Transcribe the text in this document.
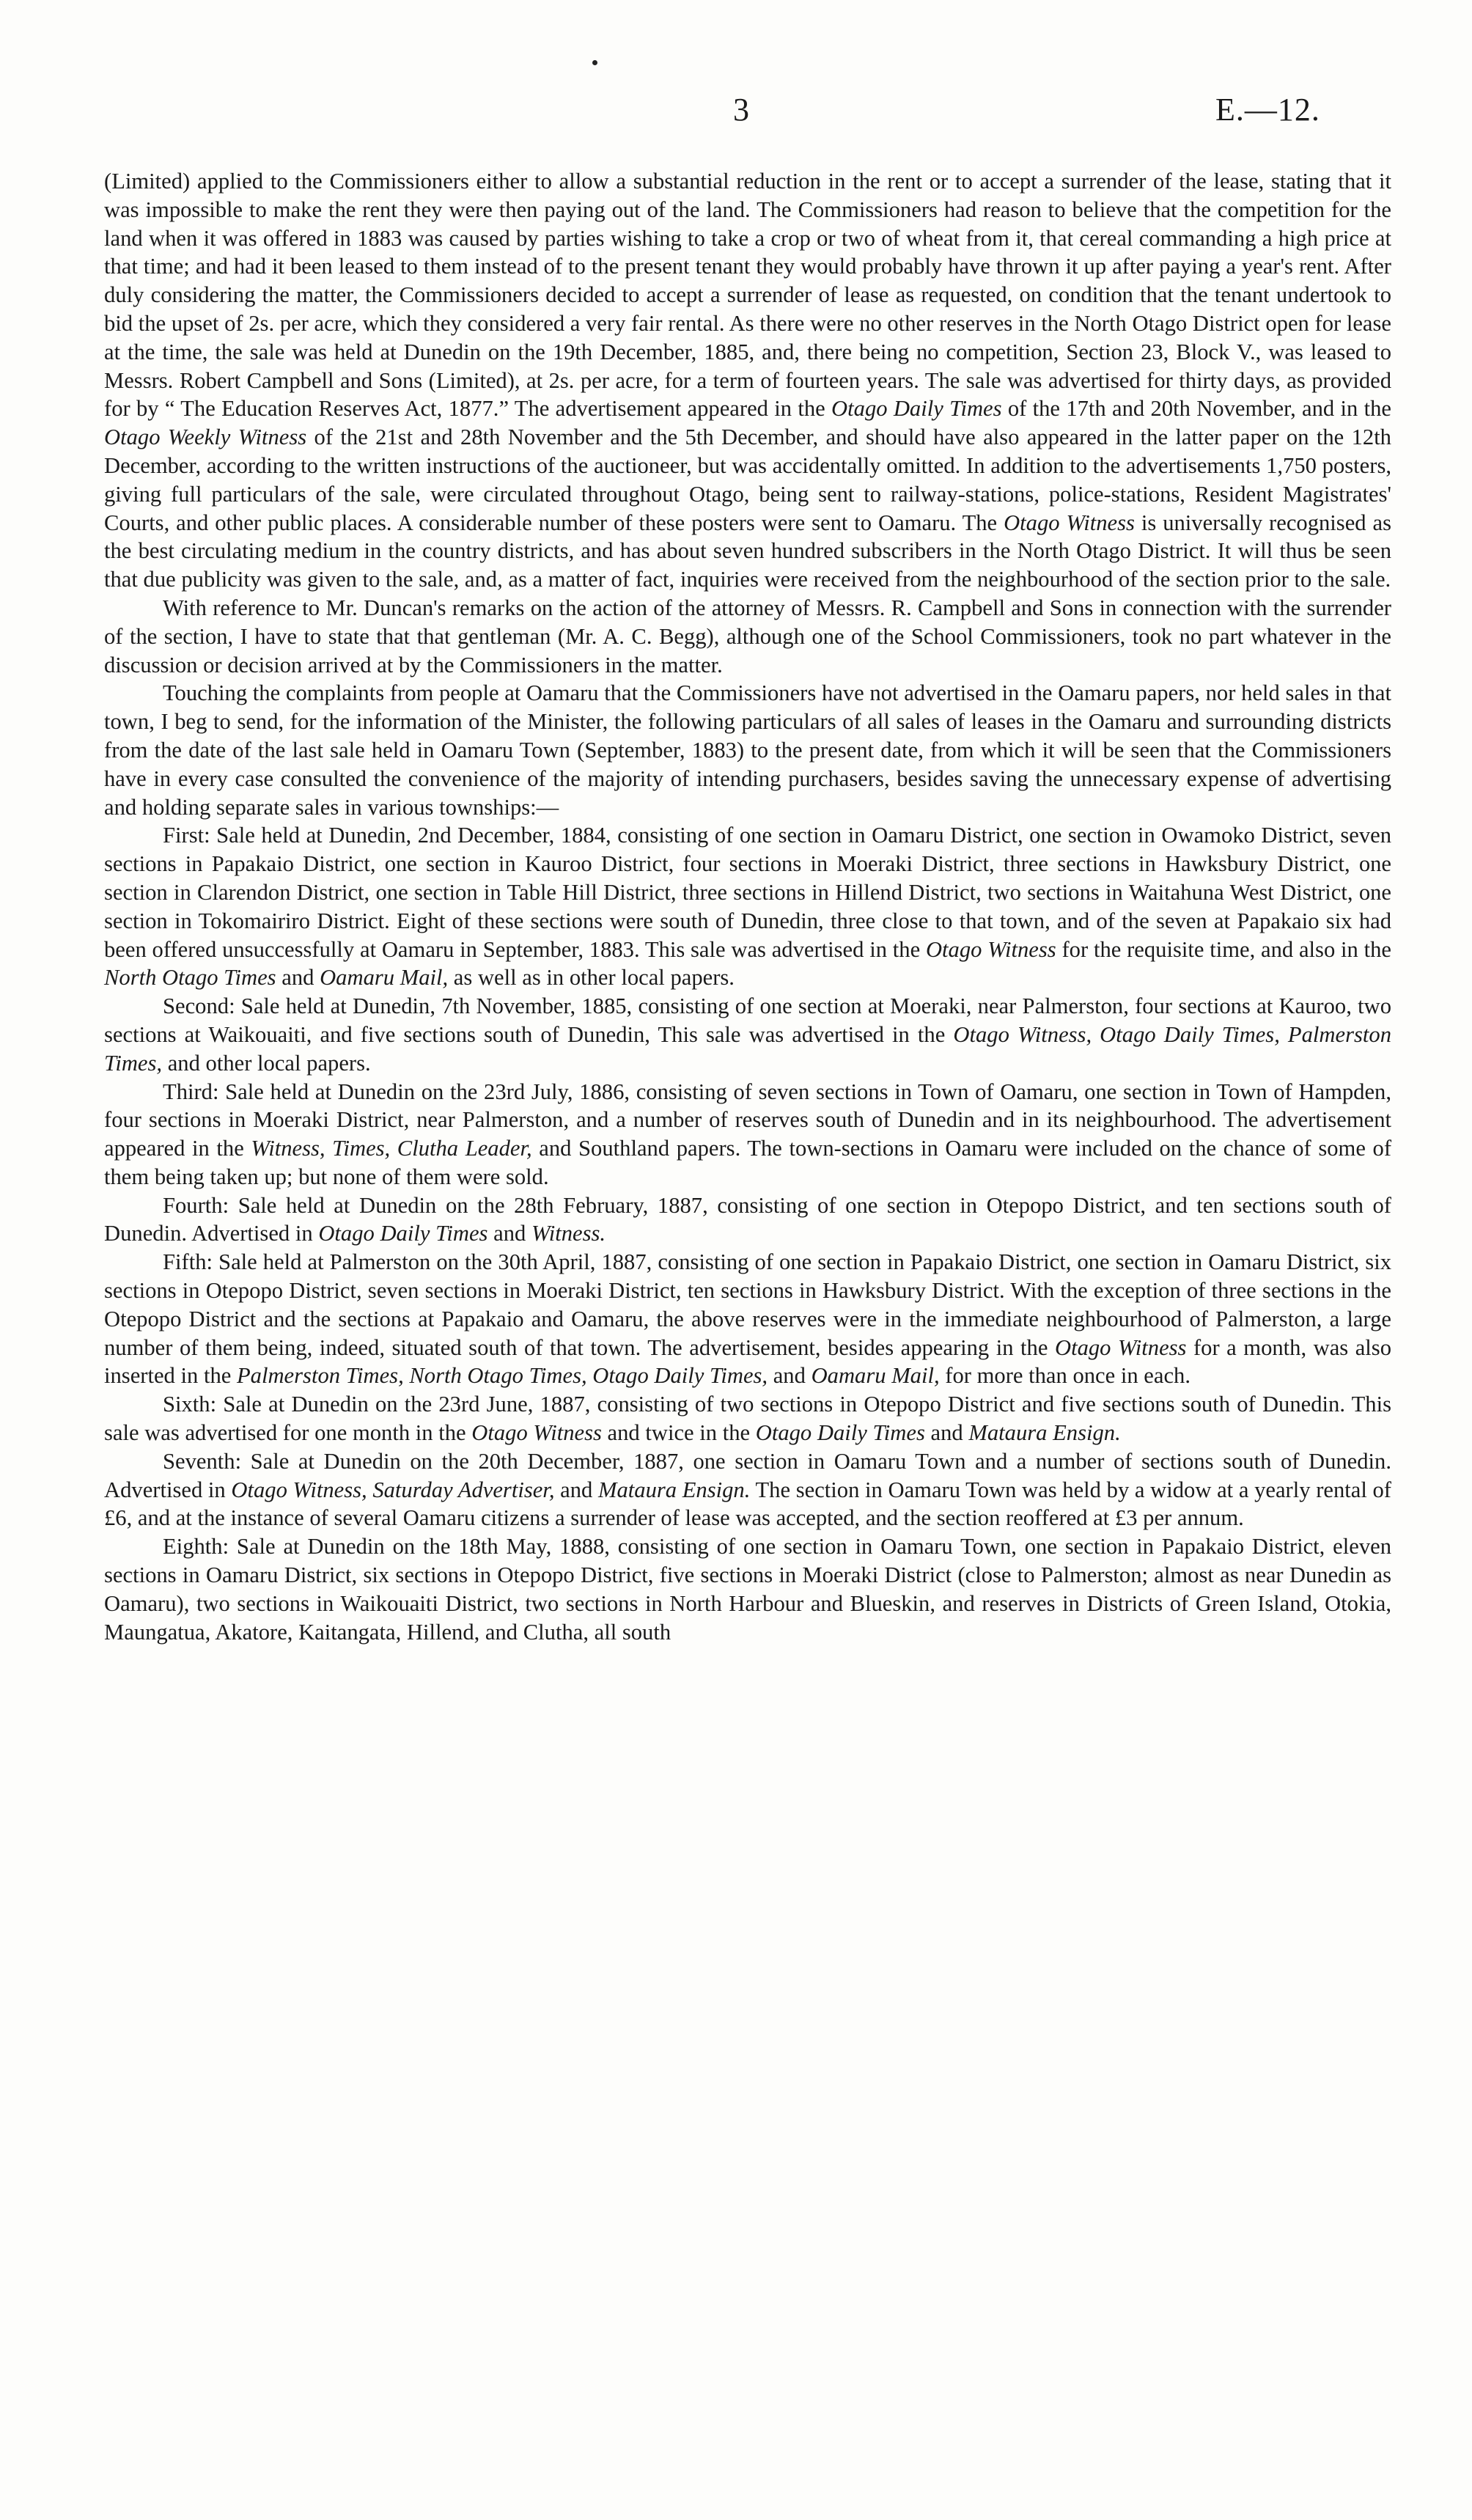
3	E.—12.

(Limited) applied to the Commissioners either to allow a substantial reduction in the rent or to accept a surrender of the lease, stating that it was impossible to make the rent they were then paying out of the land. The Commissioners had reason to believe that the competition for the land when it was offered in 1883 was caused by parties wishing to take a crop or two of wheat from it, that cereal commanding a high price at that time; and had it been leased to them instead of to the present tenant they would probably have thrown it up after paying a year's rent. After duly considering the matter, the Commissioners decided to accept a surrender of lease as requested, on condition that the tenant undertook to bid the upset of 2s. per acre, which they considered a very fair rental. As there were no other reserves in the North Otago District open for lease at the time, the sale was held at Dunedin on the 19th December, 1885, and, there being no competition, Section 23, Block V., was leased to Messrs. Robert Campbell and Sons (Limited), at 2s. per acre, for a term of fourteen years. The sale was advertised for thirty days, as provided for by “ The Education Reserves Act, 1877.” The advertisement appeared in the Otago Daily Times of the 17th and 20th November, and in the Otago Weekly Witness of the 21st and 28th November and the 5th December, and should have also appeared in the latter paper on the 12th December, according to the written instructions of the auctioneer, but was accidentally omitted. In addition to the advertisements 1,750 posters, giving full particulars of the sale, were circulated throughout Otago, being sent to railway-stations, police-stations, Resident Magistrates' Courts, and other public places. A considerable number of these posters were sent to Oamaru. The Otago Witness is universally recognised as the best circulating medium in the country districts, and has about seven hundred subscribers in the North Otago District. It will thus be seen that due publicity was given to the sale, and, as a matter of fact, inquiries were received from the neighbourhood of the section prior to the sale.

With reference to Mr. Duncan's remarks on the action of the attorney of Messrs. R. Campbell and Sons in connection with the surrender of the section, I have to state that that gentleman (Mr. A. C. Begg), although one of the School Commissioners, took no part whatever in the discussion or decision arrived at by the Commissioners in the matter.

Touching the complaints from people at Oamaru that the Commissioners have not advertised in the Oamaru papers, nor held sales in that town, I beg to send, for the information of the Minister, the following particulars of all sales of leases in the Oamaru and surrounding districts from the date of the last sale held in Oamaru Town (September, 1883) to the present date, from which it will be seen that the Commissioners have in every case consulted the convenience of the majority of intending purchasers, besides saving the unnecessary expense of advertising and holding separate sales in various townships:—

First: Sale held at Dunedin, 2nd December, 1884, consisting of one section in Oamaru District, one section in Owamoko District, seven sections in Papakaio District, one section in Kauroo District, four sections in Moeraki District, three sections in Hawksbury District, one section in Clarendon District, one section in Table Hill District, three sections in Hillend District, two sections in Waitahuna West District, one section in Tokomairiro District. Eight of these sections were south of Dunedin, three close to that town, and of the seven at Papakaio six had been offered unsuccessfully at Oamaru in September, 1883. This sale was advertised in the Otago Witness for the requisite time, and also in the North Otago Times and Oamaru Mail, as well as in other local papers.

Second: Sale held at Dunedin, 7th November, 1885, consisting of one section at Moeraki, near Palmerston, four sections at Kauroo, two sections at Waikouaiti, and five sections south of Dunedin, This sale was advertised in the Otago Witness, Otago Daily Times, Palmerston Times, and other local papers.

Third: Sale held at Dunedin on the 23rd July, 1886, consisting of seven sections in Town of Oamaru, one section in Town of Hampden, four sections in Moeraki District, near Palmerston, and a number of reserves south of Dunedin and in its neighbourhood. The advertisement appeared in the Witness, Times, Clutha Leader, and Southland papers. The town-sections in Oamaru were included on the chance of some of them being taken up; but none of them were sold.

Fourth: Sale held at Dunedin on the 28th February, 1887, consisting of one section in Otepopo District, and ten sections south of Dunedin. Advertised in Otago Daily Times and Witness.

Fifth: Sale held at Palmerston on the 30th April, 1887, consisting of one section in Papakaio District, one section in Oamaru District, six sections in Otepopo District, seven sections in Moeraki District, ten sections in Hawksbury District. With the exception of three sections in the Otepopo District and the sections at Papakaio and Oamaru, the above reserves were in the immediate neighbourhood of Palmerston, a large number of them being, indeed, situated south of that town. The advertisement, besides appearing in the Otago Witness for a month, was also inserted in the Palmerston Times, North Otago Times, Otago Daily Times, and Oamaru Mail, for more than once in each.

Sixth: Sale at Dunedin on the 23rd June, 1887, consisting of two sections in Otepopo District and five sections south of Dunedin. This sale was advertised for one month in the Otago Witness and twice in the Otago Daily Times and Mataura Ensign.

Seventh: Sale at Dunedin on the 20th December, 1887, one section in Oamaru Town and a number of sections south of Dunedin. Advertised in Otago Witness, Saturday Advertiser, and Mataura Ensign. The section in Oamaru Town was held by a widow at a yearly rental of £6, and at the instance of several Oamaru citizens a surrender of lease was accepted, and the section reoffered at £3 per annum.

Eighth: Sale at Dunedin on the 18th May, 1888, consisting of one section in Oamaru Town, one section in Papakaio District, eleven sections in Oamaru District, six sections in Otepopo District, five sections in Moeraki District (close to Palmerston; almost as near Dunedin as Oamaru), two sections in Waikouaiti District, two sections in North Harbour and Blueskin, and reserves in Districts of Green Island, Otokia, Maungatua, Akatore, Kaitangata, Hillend, and Clutha, all south
